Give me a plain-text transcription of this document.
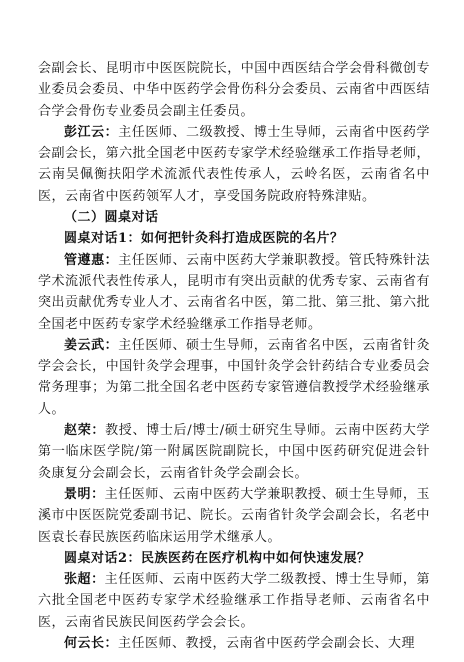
会副会长、昆明市中医医院院长，中国中西医结合学会骨科微创专业委员会委员、中华中医药学会骨伤科分会委员、云南省中西医结合学会骨伤专业委员会副主任委员。

彭江云：主任医师、二级教授、博士生导师，云南省中医药学会副会长，第六批全国老中医药专家学术经验继承工作指导老师，云南吴佩衡扶阳学术流派代表性传承人，云岭名医，云南省名中医，云南省中医药领军人才，享受国务院政府特殊津贴。

（二）圆桌对话

圆桌对话1：如何把针灸科打造成医院的名片？

管遵惠：主任医师、云南中医药大学兼职教授。管氏特殊针法学术流派代表性传承人，昆明市有突出贡献的优秀专家、云南省有突出贡献优秀专业人才、云南省名中医，第二批、第三批、第六批全国老中医药专家学术经验继承工作指导老师。

姜云武：主任医师、硕士生导师，云南省名中医，云南省针灸学会会长，中国针灸学会理事，中国针灸学会针药结合专业委员会常务理事；为第二批全国名老中医药专家管遵信教授学术经验继承人。

赵荣：教授、博士后/博士/硕士研究生导师。云南中医药大学第一临床医学院/第一附属医院副院长，中国中医药研究促进会针灸康复分会副会长，云南省针灸学会副会长。

景明：主任医师、云南中医药大学兼职教授、硕士生导师，玉溪市中医医院党委副书记、院长。云南省针灸学会副会长，名老中医袁长春民族医药临床运用学术继承人。

圆桌对话2：民族医药在医疗机构中如何快速发展？

张超：主任医师、云南中医药大学二级教授、博士生导师，第六批全国老中医药专家学术经验继承工作指导老师、云南省名中医，云南省民族民间医药学会会长。

何云长：主任医师、教授，云南省中医药学会副会长、大理
